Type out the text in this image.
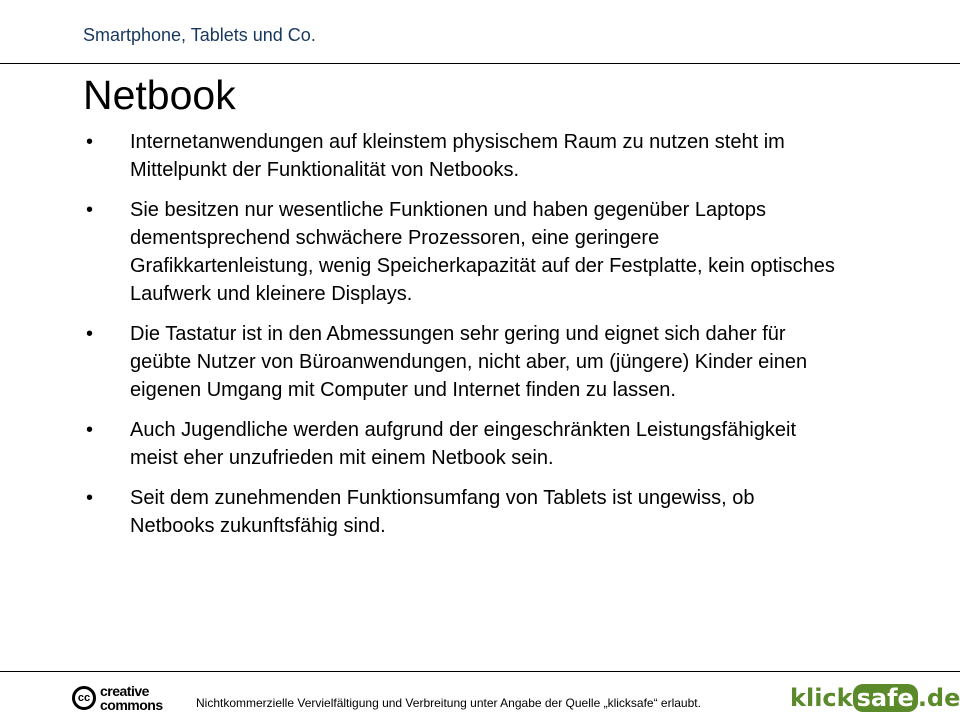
Smartphone, Tablets und Co.
Netbook
• Internetanwendungen auf kleinstem physischem Raum zu nutzen steht im Mittelpunkt der Funktionalität von Netbooks.
• Sie besitzen nur wesentliche Funktionen und haben gegenüber Laptops dementsprechend schwächere Prozessoren, eine geringere Grafikkartenleistung, wenig Speicherkapazität auf der Festplatte, kein optisches Laufwerk und kleinere Displays.
• Die Tastatur ist in den Abmessungen sehr gering und eignet sich daher für geübte Nutzer von Büroanwendungen, nicht aber, um (jüngere) Kinder einen eigenen Umgang mit Computer und Internet finden zu lassen.
• Auch Jugendliche werden aufgrund der eingeschränkten Leistungsfähigkeit meist eher unzufrieden mit einem Netbook sein.
• Seit dem zunehmenden Funktionsumfang von Tablets ist ungewiss, ob Netbooks zukunftsfähig sind.
cc creative
commons	Nichtkommerzielle Vervielfältigung und Verbreitung unter Angabe der Quelle „klicksafe“ erlaubt.	klick safe .de
